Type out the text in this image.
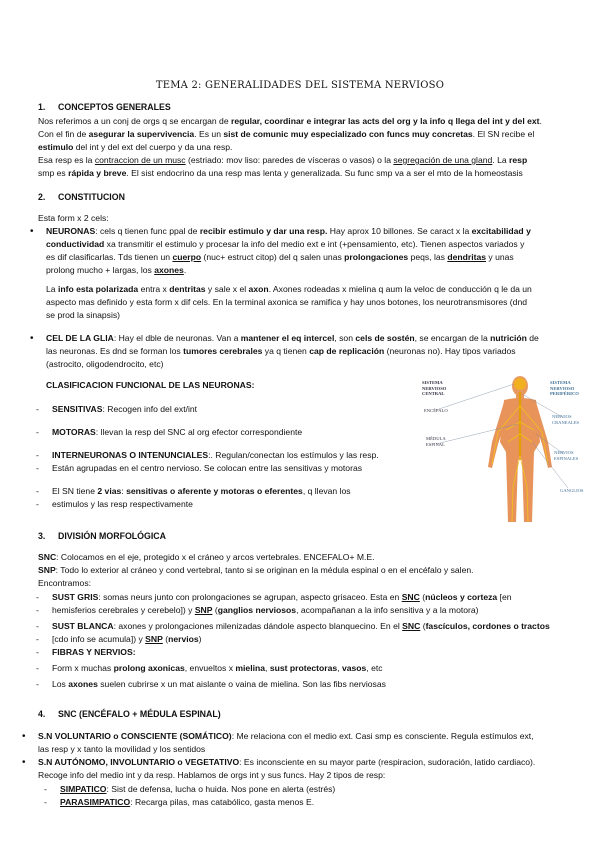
TEMA 2: GENERALIDADES DEL SISTEMA NERVIOSO
1. CONCEPTOS GENERALES
Nos referimos a un conj de orgs q se encargan de regular, coordinar e integrar las acts del org y la info q llega del int y del ext.
Con el fin de asegurar la supervivencia. Es un sist de comunic muy especializado con funcs muy concretas. El SN recibe el
estimulo del int y del ext del cuerpo y da una resp.
Esa resp es la contraccion de un musc (estriado: mov liso: paredes de vísceras o vasos) o la segregación de una gland. La resp
smp es rápida y breve. El sist endocrino da una resp mas lenta y generalizada. Su func smp va a ser el mto de la homeostasis
2. CONSTITUCION
Esta form x 2 cels:
• NEURONAS: cels q tienen func ppal de recibir estimulo y dar una resp. Hay aprox 10 billones. Se caract x la excitabilidad y
conductividad xa transmitir el estimulo y procesar la info del medio ext e int (+pensamiento, etc). Tienen aspectos variados y
es dif clasificarlas. Tds tienen un cuerpo (nuc+ estruct citop) del q salen unas prolongaciones peqs, las dendritas y unas
prolong mucho + largas, los axones.
La info esta polarizada entra x dentritas y sale x el axon. Axones rodeadas x mielina q aum la veloc de conducción q le da un
aspecto mas definido y esta form x dif cels. En la terminal axonica se ramifica y hay unos botones, los neurotransmisores (dnd
se prod la sinapsis)
• CEL DE LA GLIA: Hay el dble de neuronas. Van a mantener el eq intercel, son cels de sostén, se encargan de la nutrición de
las neuronas. Es dnd se forman los tumores cerebrales ya q tienen cap de replicación (neuronas no). Hay tipos variados
(astrocito, oligodendrocito, etc)
CLASIFICACION FUNCIONAL DE LAS NEURONAS:
- SENSITIVAS: Recogen info del ext/int
- MOTORAS: llevan la resp del SNC al org efector correspondiente
- INTERNEURONAS O INTENUNCIALES:. Regulan/conectan los estímulos y las resp.
- Están agrupadas en el centro nervioso. Se colocan entre las sensitivas y motoras
- El SN tiene 2 vias: sensitivas o aferente y motoras o eferentes, q llevan los
- estimulos y las resp respectivamente
SISTEMA
NERVIOSO
CENTRAL
ENCÉFALO
MÉDULA
ESPINAL
SISTEMA
NERVIOSO
PERIFÉRICO
NERVIOS
CRANEALES
NERVIOS
ESPINALES
GANGLIOS
3. DIVISIÓN MORFOLÓGICA
SNC: Colocamos en el eje, protegido x el cráneo y arcos vertebrales. ENCEFALO+ M.E.
SNP: Todo lo exterior al cráneo y cond vertebral, tanto si se originan en la médula espinal o en el encéfalo y salen.
Encontramos:
- SUST GRIS: somas neurs junto con prolongaciones se agrupan, aspecto grisaceo. Esta en SNC (núcleos y corteza [en
- hemisferios cerebrales y cerebelo]) y SNP (ganglios nerviosos, acompañanan a la info sensitiva y a la motora)
- SUST BLANCA: axones y prolongaciones milenizadas dándole aspecto blanquecino. En el SNC (fascículos, cordones o tractos
- [cdo info se acumula]) y SNP (nervios)
- FIBRAS Y NERVIOS:
- Form x muchas prolong axonicas, envueltos x mielina, sust protectoras, vasos, etc
- Los axones suelen cubrirse x un mat aislante o vaina de mielina. Son las fibs nerviosas
4. SNC (ENCÉFALO + MÉDULA ESPINAL)
• S.N VOLUNTARIO o CONSCIENTE (SOMÁTICO): Me relaciona con el medio ext. Casi smp es consciente. Regula estímulos ext,
las resp y x tanto la movilidad y los sentidos
• S.N AUTÓNOMO, INVOLUNTARIO o VEGETATIVO: Es inconsciente en su mayor parte (respiracion, sudoración, latido cardiaco).
Recoge info del medio int y da resp. Hablamos de orgs int y sus funcs. Hay 2 tipos de resp:
- SIMPATICO: Sist de defensa, lucha o huida. Nos pone en alerta (estrés)
- PARASIMPATICO: Recarga pilas, mas catabólico, gasta menos E.
